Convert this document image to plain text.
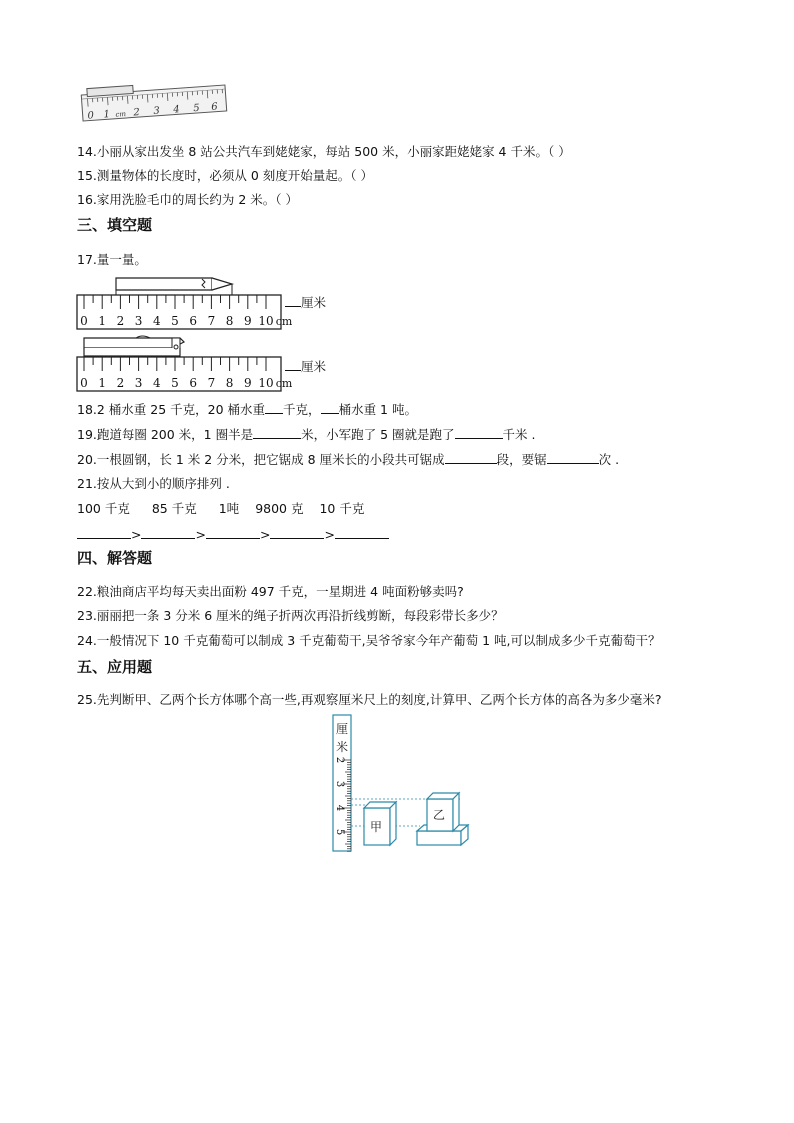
0 1 cm 2 3 4 5 6
14.小丽从家出发坐 8 站公共汽车到姥姥家，每站 500 米，小丽家距姥姥家 4 千米。（ ）
15.测量物体的长度时，必须从 0 刻度开始量起。（ ）
16.家用洗脸毛巾的周长约为 2 米。（ ）
三、填空题
17.量一量。
0 1 2 3 4 5 6 7 8 9 10 cm
厘米
0 1 2 3 4 5 6 7 8 9 10 cm
厘米
18.2 桶水重 25 千克，20 桶水重 千克， 桶水重 1 吨。
19.跑道每圈 200 米，1 圈半是	米，小军跑了 5 圈就是跑了	千米 .
20.一根圆钢，长 1 米 2 分米，把它锯成 8 厘米长的小段共可锯成	段，要锯	次 .
21.按从大到小的顺序排列 .
100 千克 85 千克 1吨 9800 克 10 千克
>	>	>	>
四、解答题
22.粮油商店平均每天卖出面粉 497 千克，一星期进 4 吨面粉够卖吗?
23.丽丽把一条 3 分米 6 厘米的绳子折两次再沿折线剪断，每段彩带长多少？
24.一般情况下 10 千克葡萄可以制成 3 千克葡萄干,吴爷爷家今年产葡萄 1 吨,可以制成多少千克葡萄干？
五、应用题
25.先判断甲、乙两个长方体哪个高一些,再观察厘米尺上的刻度,计算甲、乙两个长方体的高各为多少毫米?
厘
米
2
3
4
5 甲
乙
